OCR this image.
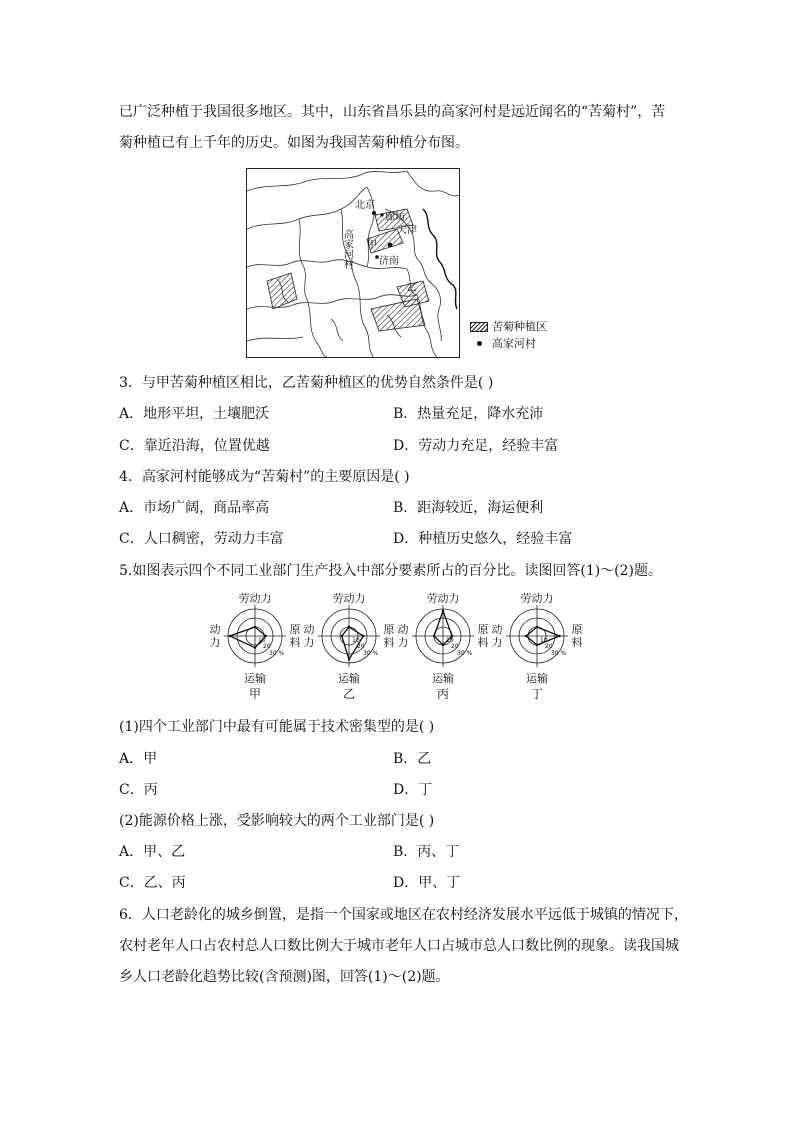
已广泛种植于我国很多地区。其中，山东省昌乐县的高家河村是远近闻名的“苦菊村”，苦
菊种植已有上千年的历史。如图为我国苦菊种植分布图。
北京
廊坊
天津
甲
济南
乙
高家河村
苦菊种植区
高家河村
3．与甲苦菊种植区相比，乙苦菊种植区的优势自然条件是( )
A．地形平坦，土壤肥沃	B．热量充足，降水充沛
C．靠近沿海，位置优越	D．劳动力充足，经验丰富
4．高家河村能够成为“苦菊村”的主要原因是( )
A．市场广阔，商品率高	B．距海较近，海运便利
C．人口稠密，劳动力丰富	D．种植历史悠久，经验丰富
5.如图表示四个不同工业部门生产投入中部分要素所占的百分比。读图回答(1)～(2)题。
10
20
30 %
劳动力
动
力
原
料
运输
甲
10
20
30 %
劳动力
动
力
原
料
运输
乙
10
20
30 %
劳动力
动
力
原
料
运输
丙
10
20
30 %
劳动力
动
力
原
料
运输
丁
(1)四个工业部门中最有可能属于技术密集型的是( )
A．甲	B．乙
C．丙	D．丁
(2)能源价格上涨，受影响较大的两个工业部门是( )
A．甲、乙	B．丙、丁
C．乙、丙	D．甲、丁
6．人口老龄化的城乡倒置，是指一个国家或地区在农村经济发展水平远低于城镇的情况下，
农村老年人口占农村总人口数比例大于城市老年人口占城市总人口数比例的现象。读我国城
乡人口老龄化趋势比较(含预测)图，回答(1)～(2)题。
